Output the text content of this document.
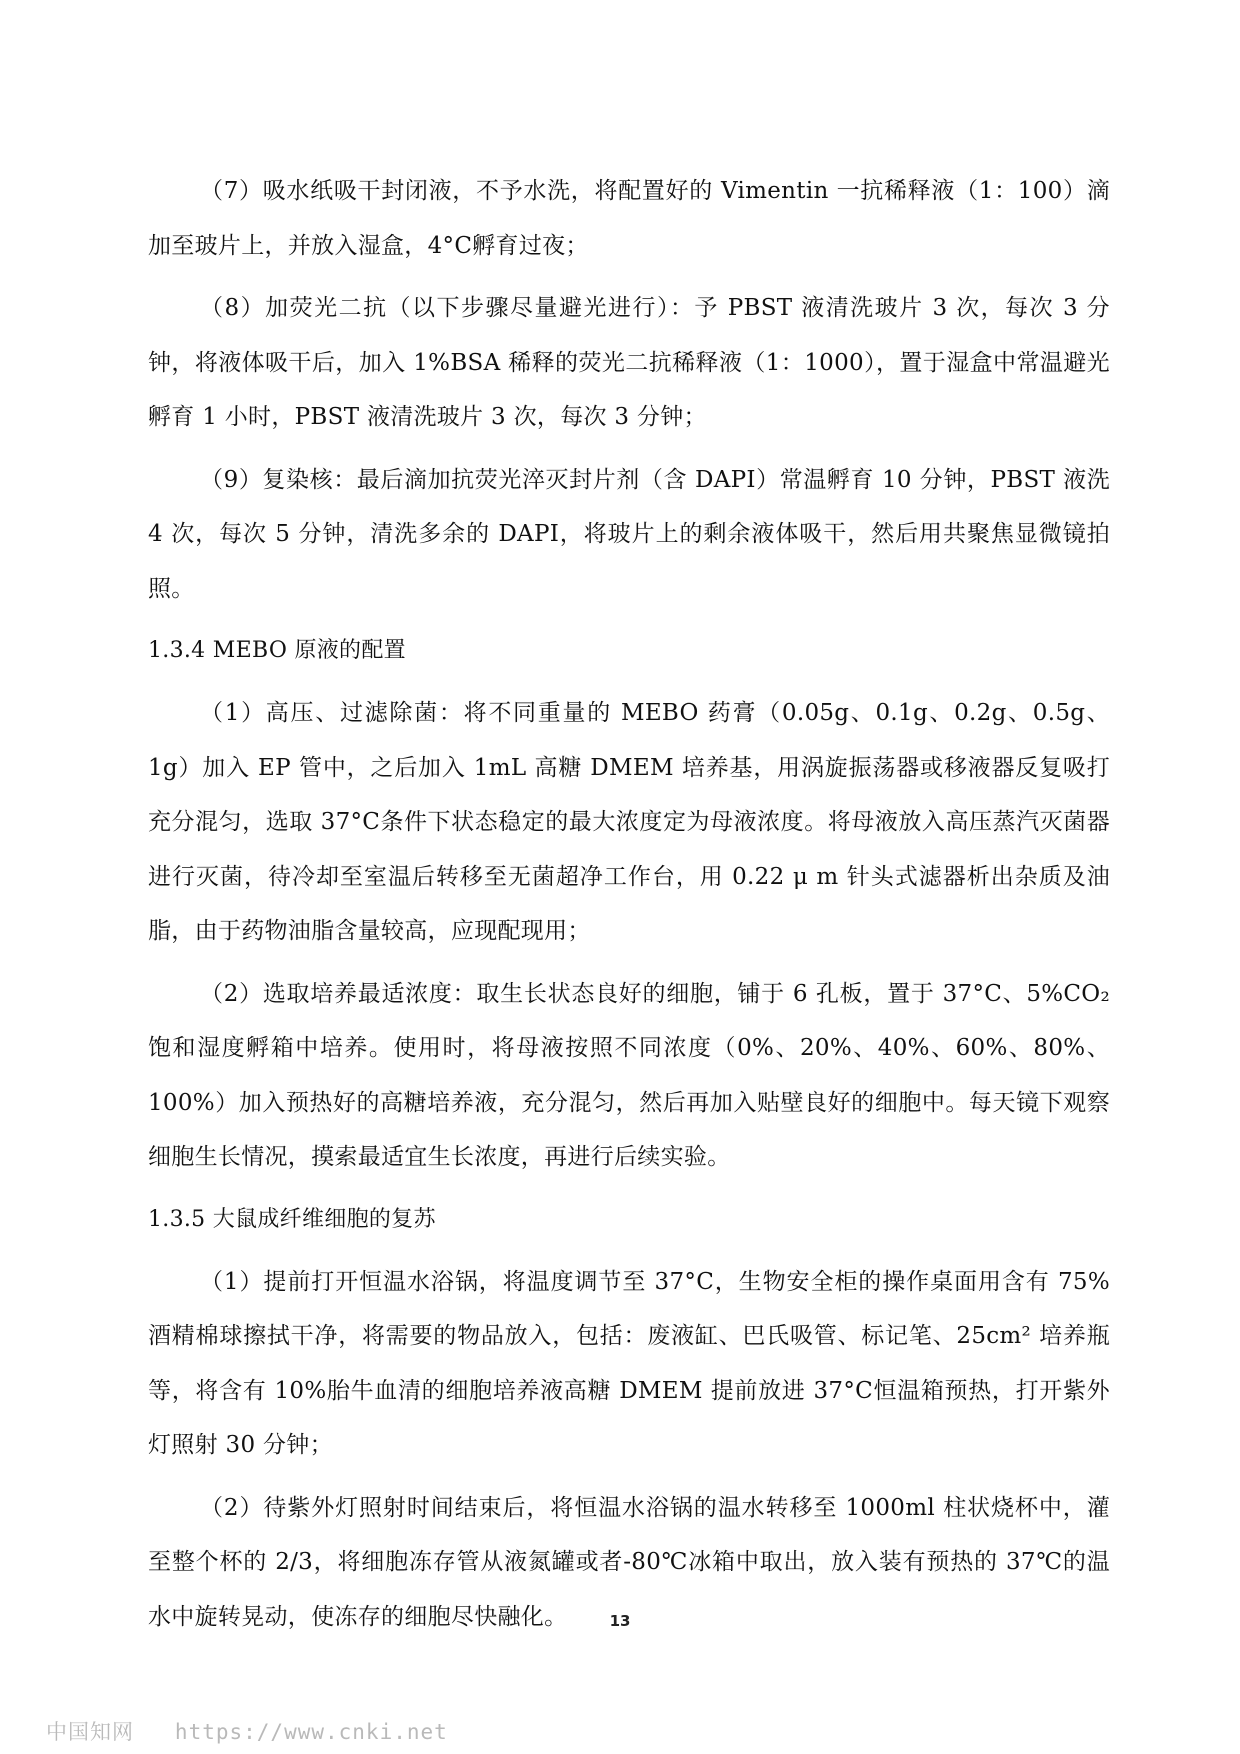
（7）吸水纸吸干封闭液，不予水洗，将配置好的 Vimentin 一抗稀释液（1：100）滴加至玻片上，并放入湿盒，4°C孵育过夜；

（8）加荧光二抗（以下步骤尽量避光进行）：予 PBST 液清洗玻片 3 次，每次 3 分钟，将液体吸干后，加入 1%BSA 稀释的荧光二抗稀释液（1：1000），置于湿盒中常温避光孵育 1 小时，PBST 液清洗玻片 3 次，每次 3 分钟；

（9）复染核：最后滴加抗荧光淬灭封片剂（含 DAPI）常温孵育 10 分钟，PBST 液洗 4 次，每次 5 分钟，清洗多余的 DAPI，将玻片上的剩余液体吸干，然后用共聚焦显微镜拍照。

1.3.4 MEBO 原液的配置

（1）高压、过滤除菌：将不同重量的 MEBO 药膏（0.05g、0.1g、0.2g、0.5g、1g）加入 EP 管中，之后加入 1mL 高糖 DMEM 培养基，用涡旋振荡器或移液器反复吸打充分混匀，选取 37°C条件下状态稳定的最大浓度定为母液浓度。将母液放入高压蒸汽灭菌器进行灭菌，待冷却至室温后转移至无菌超净工作台，用 0.22 μ m 针头式滤器析出杂质及油脂，由于药物油脂含量较高，应现配现用；

（2）选取培养最适浓度：取生长状态良好的细胞，铺于 6 孔板，置于 37°C、5%CO₂ 饱和湿度孵箱中培养。使用时，将母液按照不同浓度（0%、20%、40%、60%、80%、100%）加入预热好的高糖培养液，充分混匀，然后再加入贴壁良好的细胞中。每天镜下观察细胞生长情况，摸索最适宜生长浓度，再进行后续实验。

1.3.5 大鼠成纤维细胞的复苏

（1）提前打开恒温水浴锅，将温度调节至 37°C，生物安全柜的操作桌面用含有 75%酒精棉球擦拭干净，将需要的物品放入，包括：废液缸、巴氏吸管、标记笔、25cm² 培养瓶等，将含有 10%胎牛血清的细胞培养液高糖 DMEM 提前放进 37°C恒温箱预热，打开紫外灯照射 30 分钟；

（2）待紫外灯照射时间结束后，将恒温水浴锅的温水转移至 1000ml 柱状烧杯中，灌至整个杯的 2/3，将细胞冻存管从液氮罐或者-80℃冰箱中取出，放入装有预热的 37℃的温水中旋转晃动，使冻存的细胞尽快融化。	13
中国知网   https://www.cnki.net
